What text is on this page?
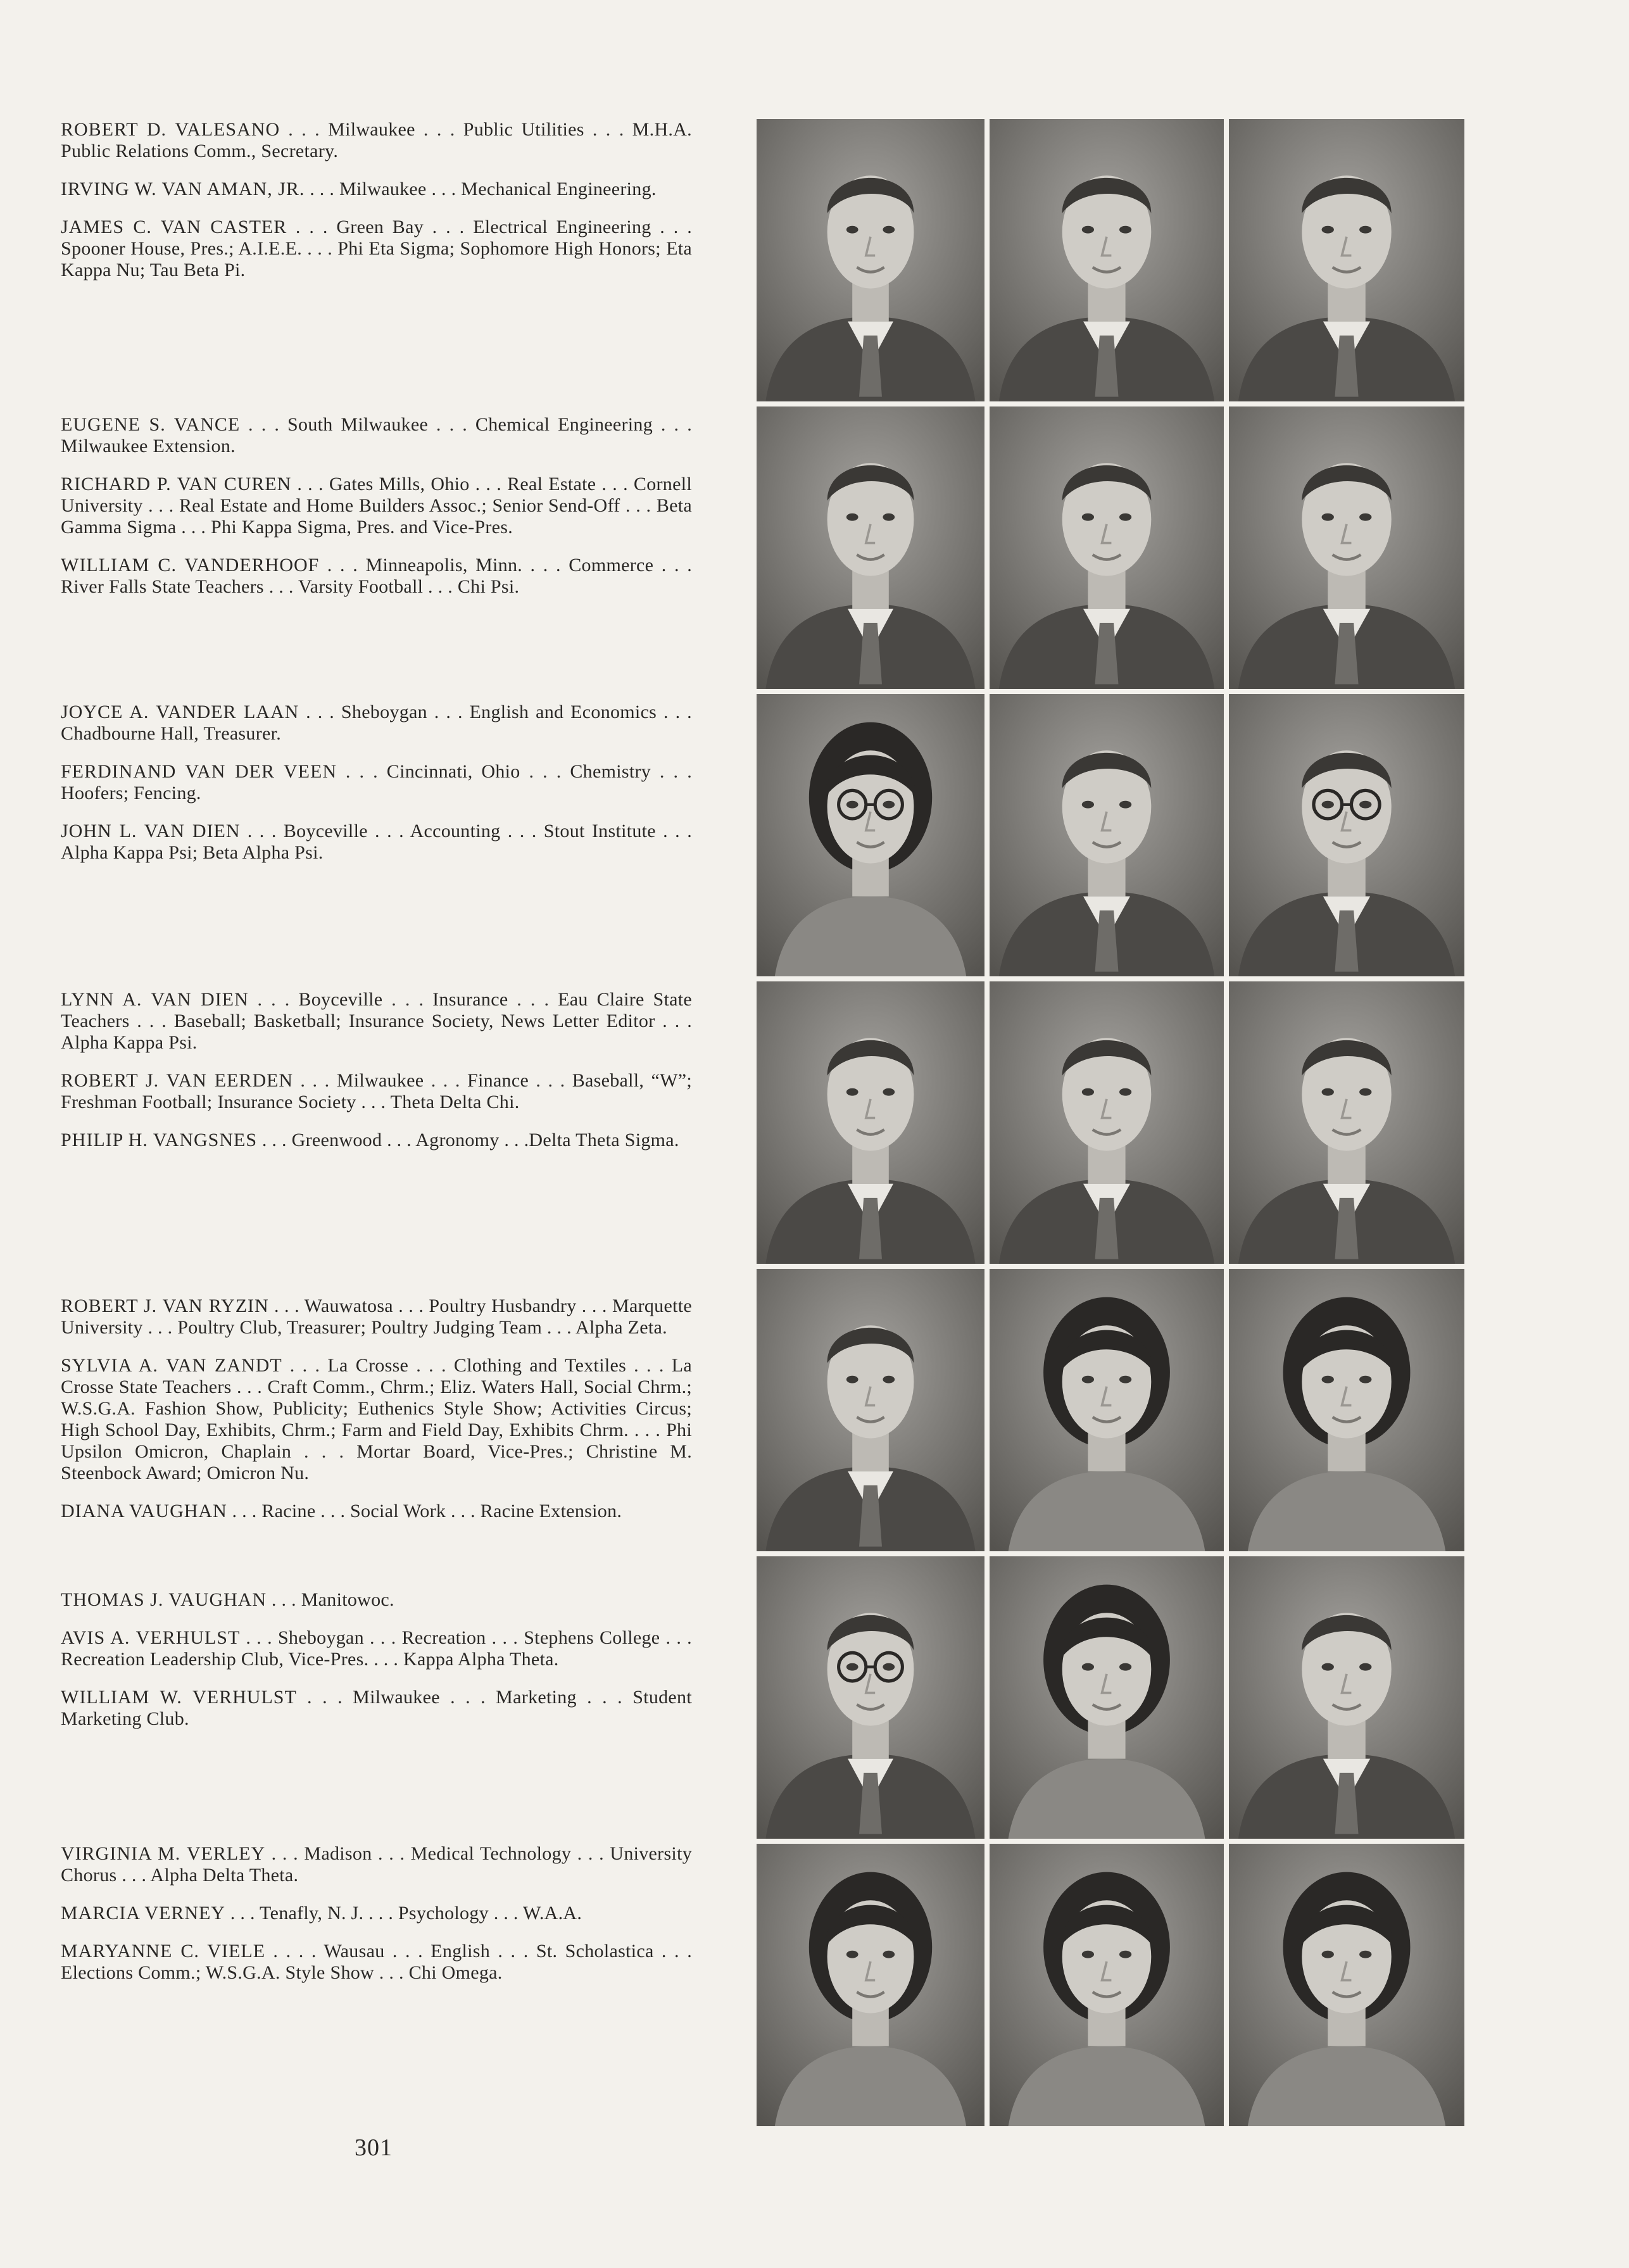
ROBERT D. VALESANO . . . Milwaukee . . . Public Utilities . . . M.H.A. Public Relations Comm., Secretary.

IRVING W. VAN AMAN, JR. . . . Milwaukee . . . Mechanical Engineering.

JAMES C. VAN CASTER . . . Green Bay . . . Electrical Engineering . . . Spooner House, Pres.; A.I.E.E. . . . Phi Eta Sigma; Sophomore High Honors; Eta Kappa Nu; Tau Beta Pi.

EUGENE S. VANCE . . . South Milwaukee . . . Chemical Engineering . . . Milwaukee Extension.

RICHARD P. VAN CUREN . . . Gates Mills, Ohio . . . Real Estate . . . Cornell University . . . Real Estate and Home Builders Assoc.; Senior Send-Off . . . Beta Gamma Sigma . . . Phi Kappa Sigma, Pres. and Vice-Pres.

WILLIAM C. VANDERHOOF . . . Minneapolis, Minn. . . . Commerce . . . River Falls State Teachers . . . Varsity Football . . . Chi Psi.

JOYCE A. VANDER LAAN . . . Sheboygan . . . English and Economics . . . Chadbourne Hall, Treasurer.

FERDINAND VAN DER VEEN . . . Cincinnati, Ohio . . . Chemistry . . . Hoofers; Fencing.

JOHN L. VAN DIEN . . . Boyceville . . . Accounting . . . Stout Institute . . . Alpha Kappa Psi; Beta Alpha Psi.

LYNN A. VAN DIEN . . . Boyceville . . . Insurance . . . Eau Claire State Teachers . . . Baseball; Basketball; Insurance Society, News Letter Editor . . . Alpha Kappa Psi.

ROBERT J. VAN EERDEN . . . Milwaukee . . . Finance . . . Baseball, “W”; Freshman Football; Insurance Society . . . Theta Delta Chi.

PHILIP H. VANGSNES . . . Greenwood . . . Agronomy . . .Delta Theta Sigma.

ROBERT J. VAN RYZIN . . . Wauwatosa . . . Poultry Husbandry . . . Marquette University . . . Poultry Club, Treasurer; Poultry Judging Team . . . Alpha Zeta.

SYLVIA A. VAN ZANDT . . . La Crosse . . . Clothing and Textiles . . . La Crosse State Teachers . . . Craft Comm., Chrm.; Eliz. Waters Hall, Social Chrm.; W.S.G.A. Fashion Show, Publicity; Euthenics Style Show; Activities Circus; High School Day, Exhibits, Chrm.; Farm and Field Day, Exhibits Chrm. . . . Phi Upsilon Omicron, Chaplain . . . Mortar Board, Vice-Pres.; Christine M. Steenbock Award; Omicron Nu.

DIANA VAUGHAN . . . Racine . . . Social Work . . . Racine Extension.

THOMAS J. VAUGHAN . . . Manitowoc.

AVIS A. VERHULST . . . Sheboygan . . . Recreation . . . Stephens College . . . Recreation Leadership Club, Vice-Pres. . . . Kappa Alpha Theta.

WILLIAM W. VERHULST . . . Milwaukee . . . Marketing . . . Student Marketing Club.

VIRGINIA M. VERLEY . . . Madison . . . Medical Technology . . . University Chorus . . . Alpha Delta Theta.

MARCIA VERNEY . . . Tenafly, N. J. . . . Psychology . . . W.A.A.

MARYANNE C. VIELE . . . . Wausau . . . English . . . St. Scholastica . . . Elections Comm.; W.S.G.A. Style Show . . . Chi Omega.

301
